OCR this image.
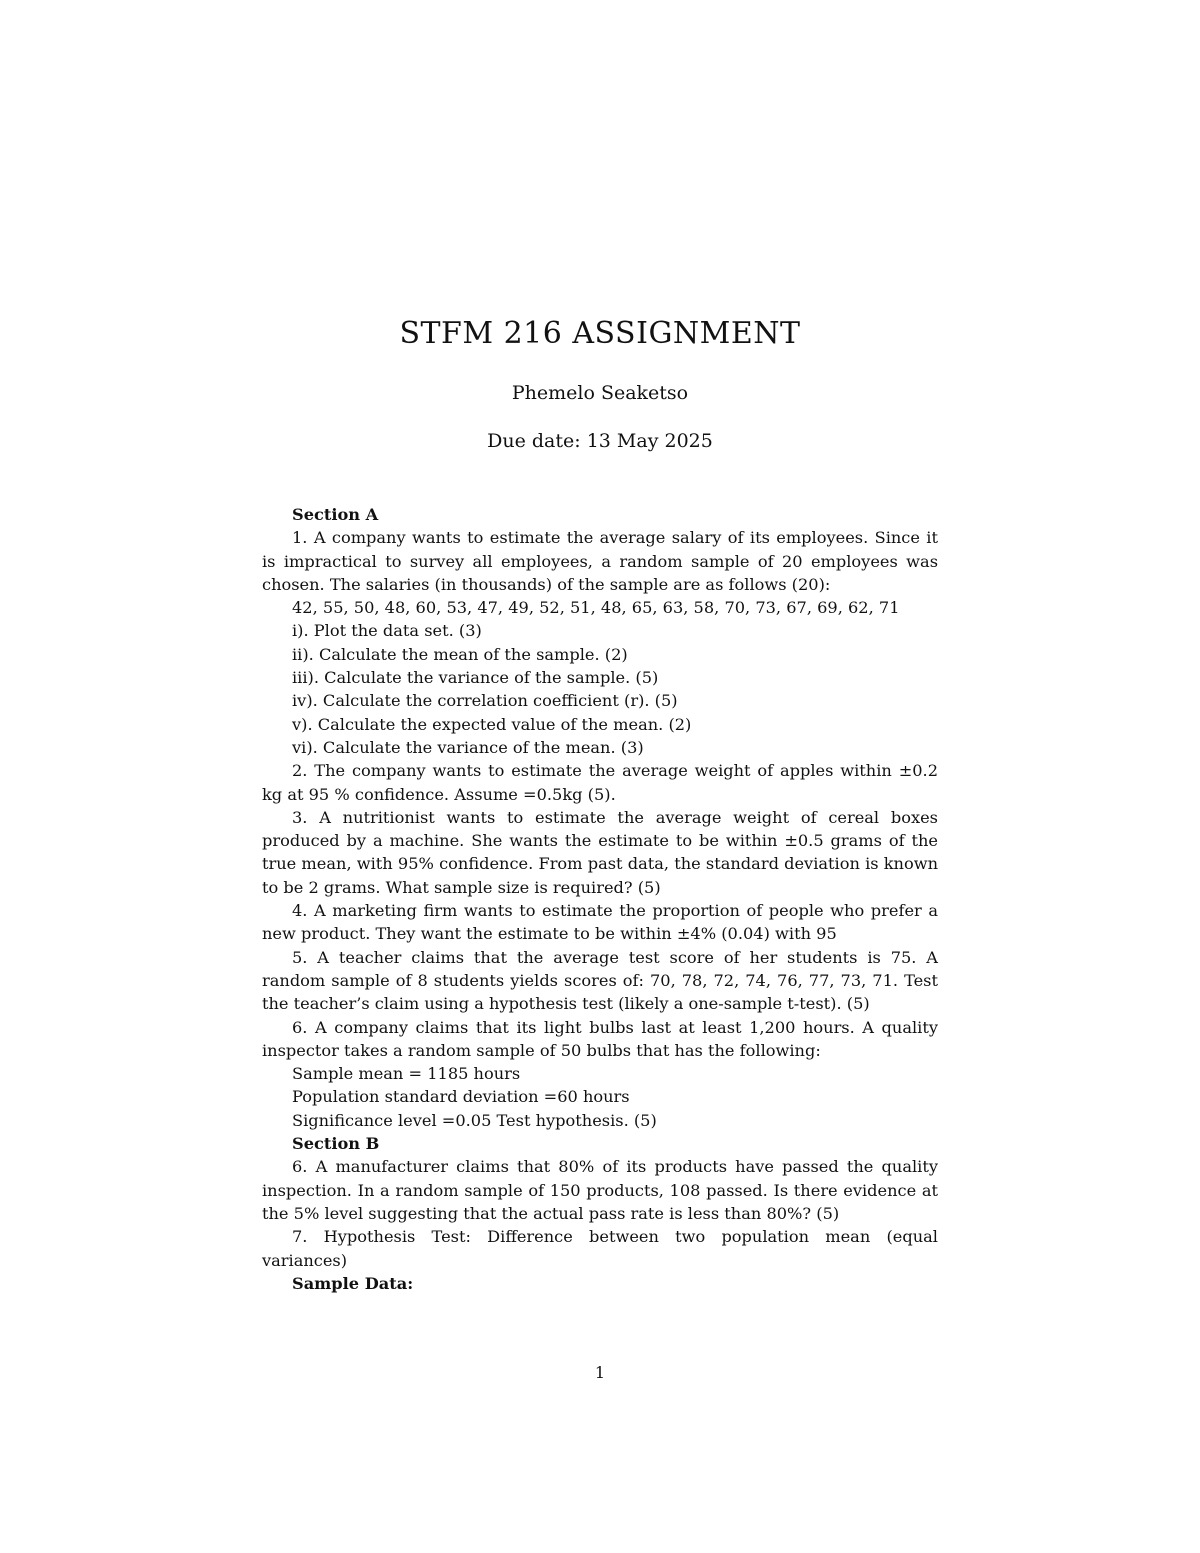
STFM 216 ASSIGNMENT
Phemelo Seaketso
Due date: 13 May 2025

Section A

1. A company wants to estimate the average salary of its employees. Since it is impractical to survey all employees, a random sample of 20 employees was chosen. The salaries (in thousands) of the sample are as follows (20):

42, 55, 50, 48, 60, 53, 47, 49, 52, 51, 48, 65, 63, 58, 70, 73, 67, 69, 62, 71

i). Plot the data set. (3)

ii). Calculate the mean of the sample. (2)

iii). Calculate the variance of the sample. (5)

iv). Calculate the correlation coefficient (r). (5)

v). Calculate the expected value of the mean. (2)

vi). Calculate the variance of the mean. (3)

2. The company wants to estimate the average weight of apples within ±0.2 kg at 95 % confidence. Assume =0.5kg (5).

3. A nutritionist wants to estimate the average weight of cereal boxes produced by a machine. She wants the estimate to be within ±0.5 grams of the true mean, with 95% confidence. From past data, the standard deviation is known to be 2 grams. What sample size is required? (5)

4. A marketing firm wants to estimate the proportion of people who prefer a new product. They want the estimate to be within ±4% (0.04) with 95

5. A teacher claims that the average test score of her students is 75. A random sample of 8 students yields scores of: 70, 78, 72, 74, 76, 77, 73, 71. Test the teacher’s claim using a hypothesis test (likely a one-sample t-test). (5)

6. A company claims that its light bulbs last at least 1,200 hours. A quality inspector takes a random sample of 50 bulbs that has the following:

Sample mean = 1185 hours

Population standard deviation =60 hours

Significance level =0.05 Test hypothesis. (5)

Section B

6. A manufacturer claims that 80% of its products have passed the quality inspection. In a random sample of 150 products, 108 passed. Is there evidence at the 5% level suggesting that the actual pass rate is less than 80%? (5)

7. Hypothesis Test: Difference between two population mean (equal variances)

Sample Data:

1
